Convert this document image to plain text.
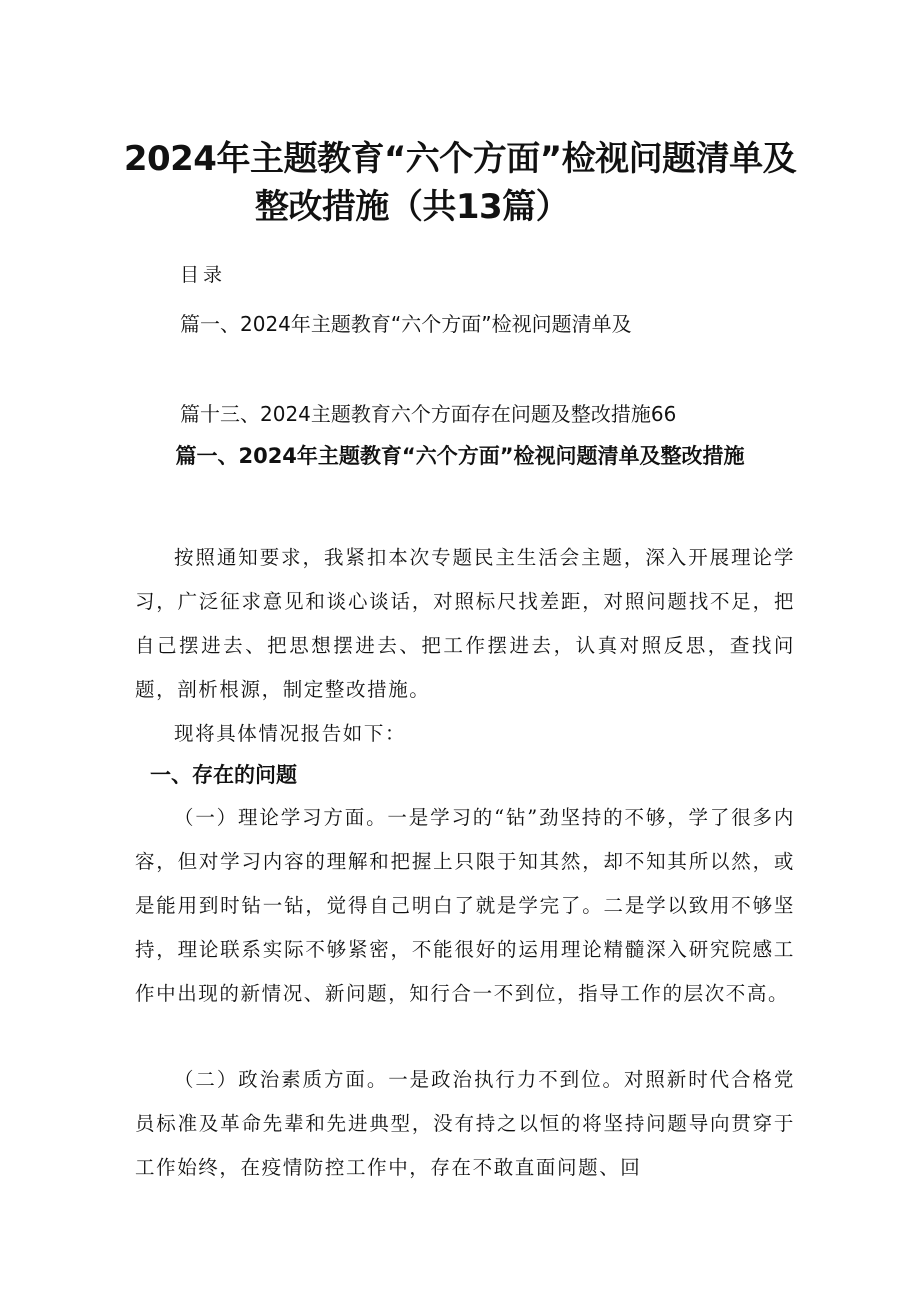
2024年主题教育“六个方面”检视问题清单及
整改措施（共13篇）

目录

篇一、2024年主题教育“六个方面”检视问题清单及

篇十三、2024主题教育六个方面存在问题及整改措施66

篇一、2024年主题教育“六个方面”检视问题清单及整改措施

按照通知要求，我紧扣本次专题民主生活会主题，深入开展理论学习，广泛征求意见和谈心谈话，对照标尺找差距，对照问题找不足，把自己摆进去、把思想摆进去、把工作摆进去，认真对照反思，查找问题，剖析根源，制定整改措施。

现将具体情况报告如下：

一、存在的问题

（一）理论学习方面。一是学习的“钻”劲坚持的不够，学了很多内容，但对学习内容的理解和把握上只限于知其然，却不知其所以然，或是能用到时钻一钻，觉得自己明白了就是学完了。二是学以致用不够坚持，理论联系实际不够紧密，不能很好的运用理论精髓深入研究院感工作中出现的新情况、新问题，知行合一不到位，指导工作的层次不高。

（二）政治素质方面。一是政治执行力不到位。对照新时代合格党员标准及革命先辈和先进典型，没有持之以恒的将坚持问题导向贯穿于工作始终，在疫情防控工作中，存在不敢直面问题、回
